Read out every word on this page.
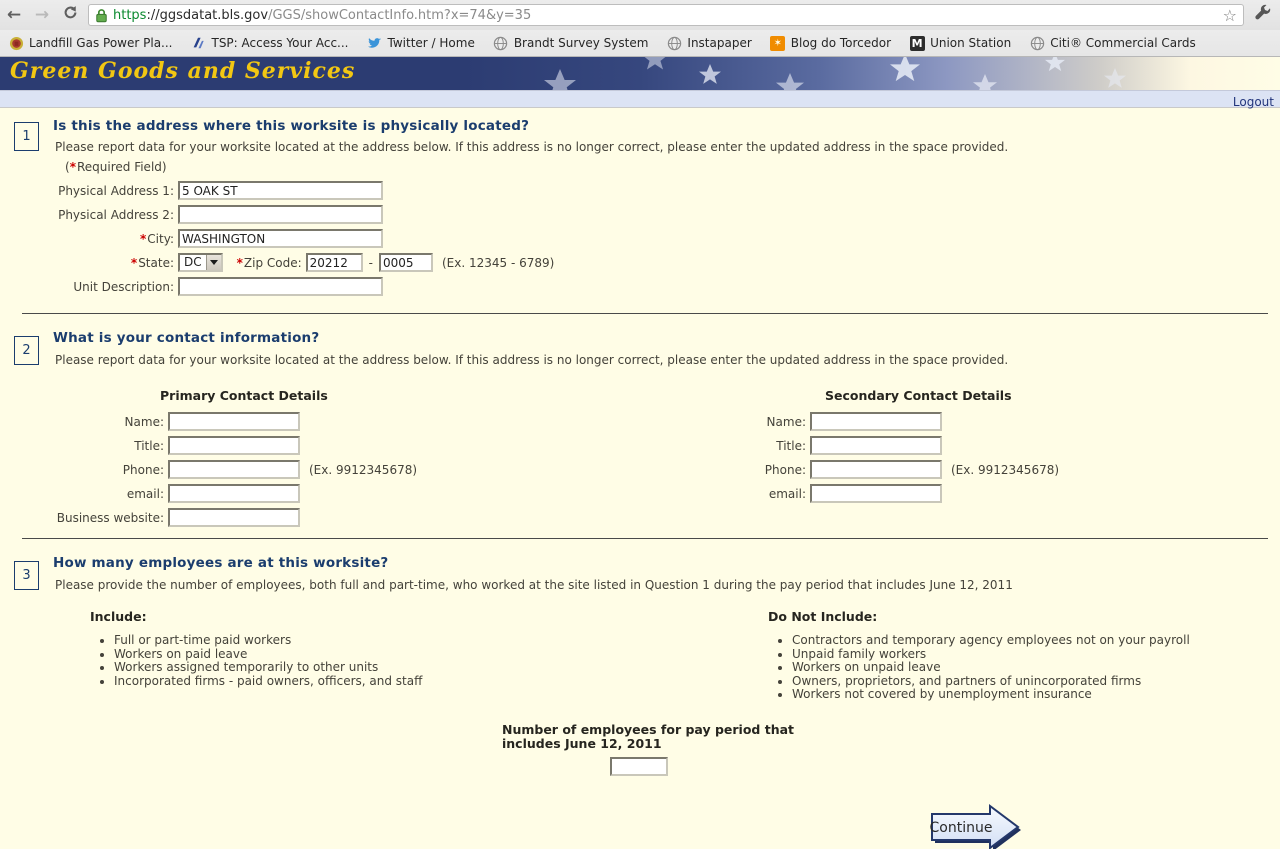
← →	https://ggsdatat.bls.gov/GGS/showContactInfo.htm?x=74&y=35	☆
Landfill Gas Power Pla...	TSP: Access Your Acc...	Twitter / Home	Brandt Survey System	Instapaper	✶ Blog do Torcedor M Union Station	Citi® Commercial Cards
Green Goods and Services
Logout
1
Is this the address where this worksite is physically located?
Please report data for your worksite located at the address below. If this address is no longer correct, please enter the updated address in the space provided.
(*Required Field)
Physical Address 1:
5 OAK ST
Physical Address 2:
*City:
WASHINGTON
*State: DC	*Zip Code:
20212	-
0005	(Ex. 12345 - 6789)
Unit Description:
2
What is your contact information?
Please report data for your worksite located at the address below. If this address is no longer correct, please enter the updated address in the space provided.
Primary Contact Details
Name:
Title:
Phone:	(Ex. 9912345678)
email:
Business website:
Secondary Contact Details
Name:
Title:
Phone:	(Ex. 9912345678)
email:
3
How many employees are at this worksite?
Please provide the number of employees, both full and part-time, who worked at the site listed in Question 1 during the pay period that includes June 12, 2011
Include:
• Full or part-time paid workers
• Workers on paid leave
• Workers assigned temporarily to other units
• Incorporated firms - paid owners, officers, and staff
Do Not Include:
• Contractors and temporary agency employees not on your payroll
• Unpaid family workers
• Workers on unpaid leave
• Owners, proprietors, and partners of unincorporated firms
• Workers not covered by unemployment insurance
Number of employees for pay period that
includes June 12, 2011
Continue
